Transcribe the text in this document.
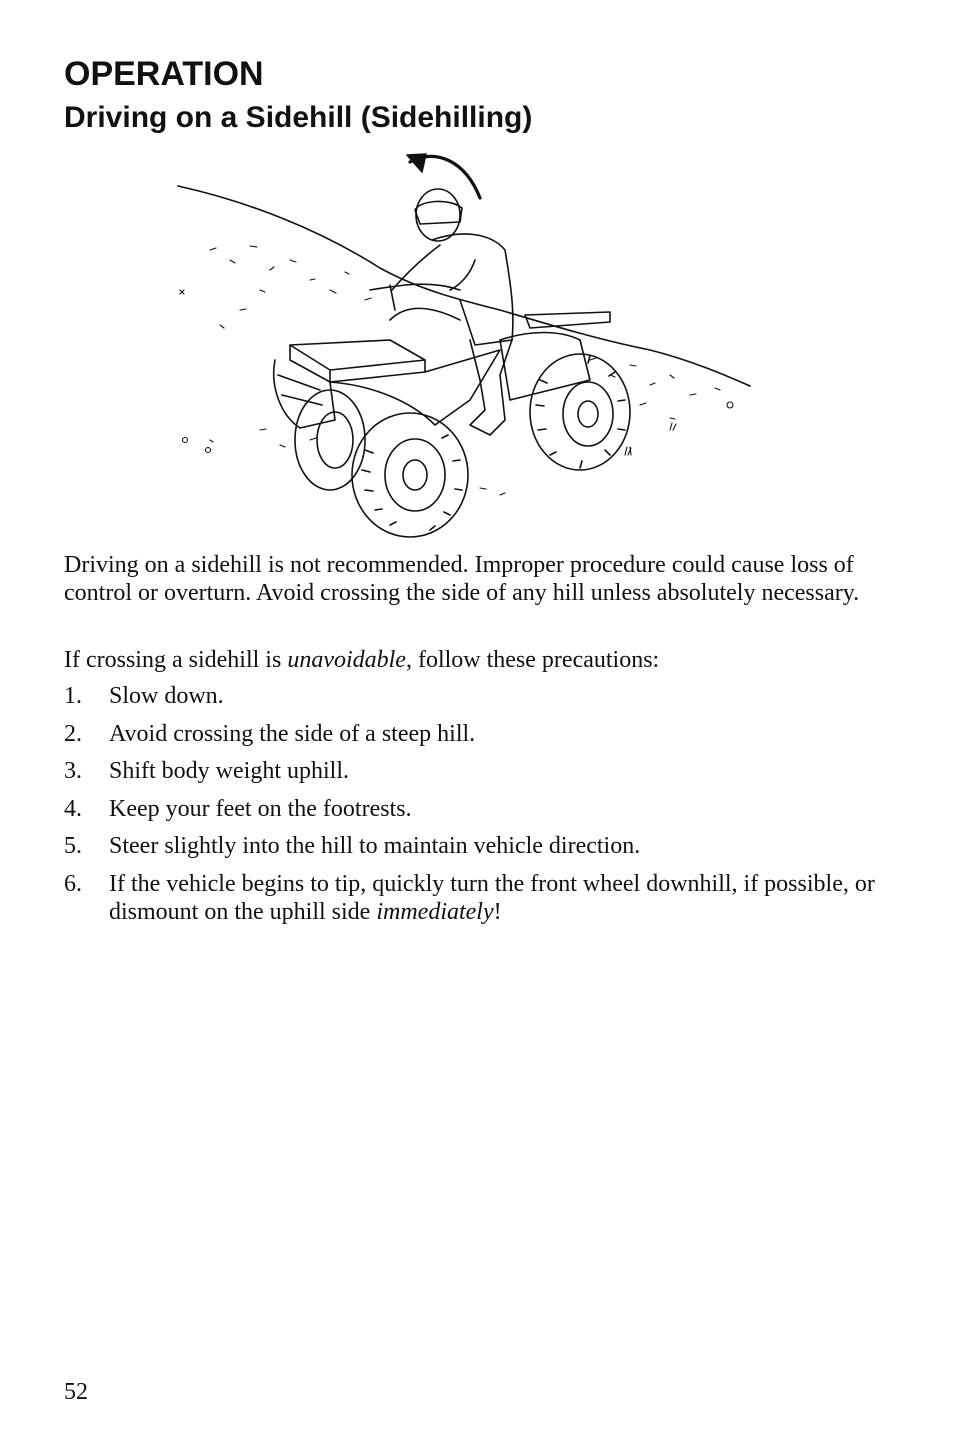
OPERATION
Driving on a Sidehill (Sidehilling)

Driving on a sidehill is not recommended. Improper procedure could cause loss of control or overturn. Avoid crossing the side of any hill unless absolutely necessary.

If crossing a sidehill is unavoidable, follow these precautions:

1.	Slow down.
2.	Avoid crossing the side of a steep hill.
3.	Shift body weight uphill.
4.	Keep your feet on the footrests.
5.	Steer slightly into the hill to maintain vehicle direction.
6.	If the vehicle begins to tip, quickly turn the front wheel downhill, if possible, or dismount on the uphill side immediately!
52
